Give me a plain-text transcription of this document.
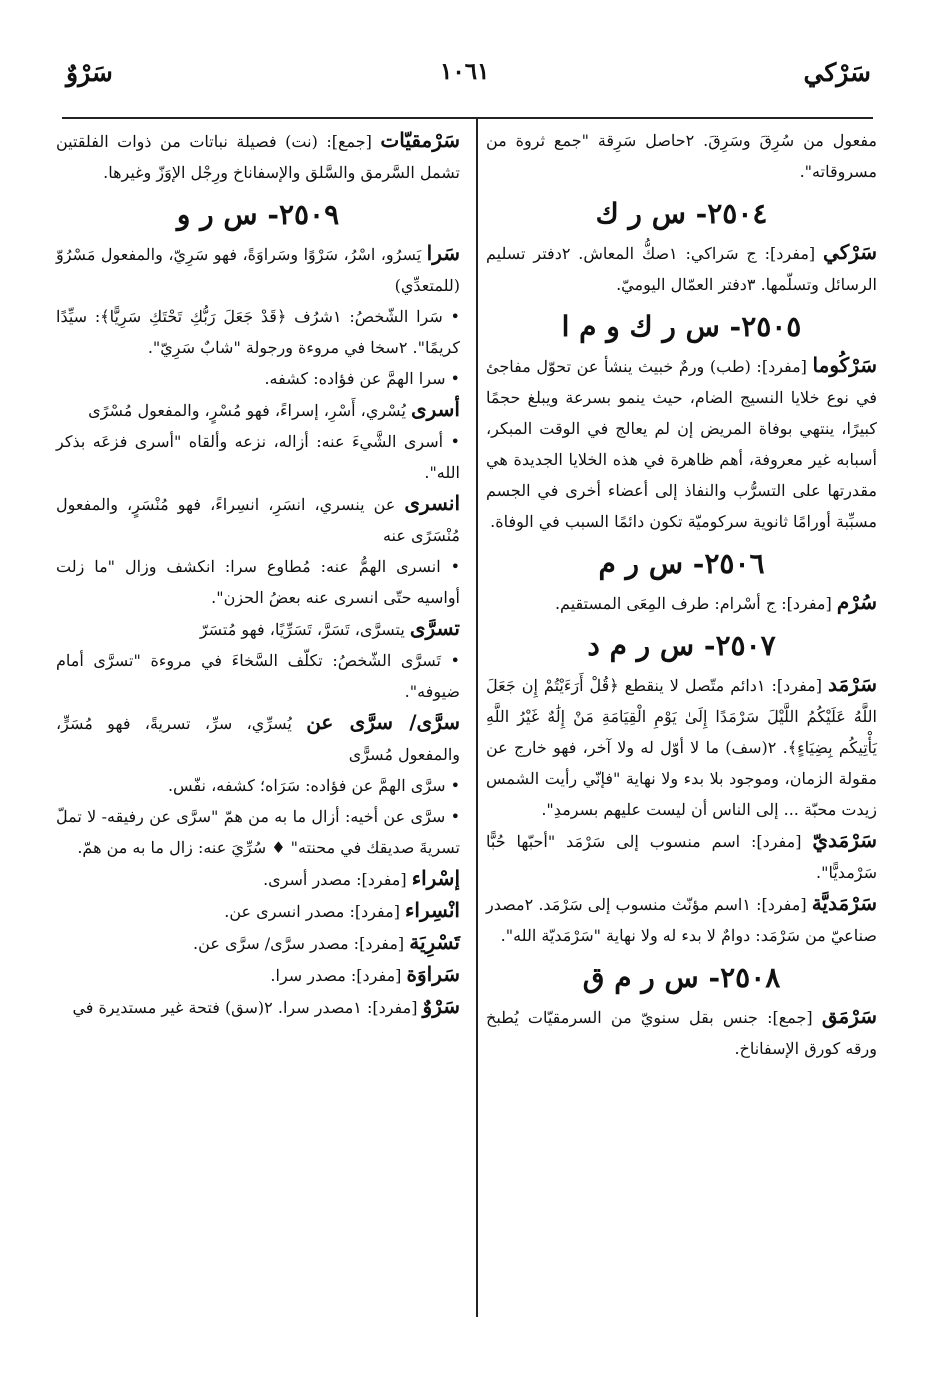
سَرْكي
١٠٦١
سَرْوٌ

مفعول من سُرِقَ وسَرِقَ. ٢حاصل سَرِقة "جمع ثروة من مسروقاته".

٢٥٠٤- س ر ك

سَرْكي [مفرد]: ج سَراكي: ١صكُّ المعاش. ٢دفتر تسليم الرسائل وتسلّمها. ٣دفتر العمّال اليوميّ.

٢٥٠٥- س ر ك و م ا

سَرْكُوما [مفرد]: (طب) ورمٌ خبيث ينشأ عن تحوّل مفاجئ في نوع خلايا النسيج الضام، حيث ينمو بسرعة ويبلغ حجمًا كبيرًا، ينتهي بوفاة المريض إن لم يعالج في الوقت المبكر، أسبابه غير معروفة، أهم ظاهرة في هذه الخلايا الجديدة هي مقدرتها على التسرُّب والنفاذ إلى أعضاء أخرى في الجسم مسبِّبة أورامًا ثانوية سركوميّة تكون دائمًا السبب في الوفاة.

٢٥٠٦- س ر م

سُرْم [مفرد]: ج أسْرام: طرف المِعَى المستقيم.

٢٥٠٧- س ر م د

سَرْمَد [مفرد]: ١دائم متّصل لا ينقطع ﴿قُلْ أَرَءَيْتُمْ إِن جَعَلَ اللَّهُ عَلَيْكُمُ اللَّيْلَ سَرْمَدًا إِلَىٰ يَوْمِ الْقِيَامَةِ مَنْ إِلَٰهٌ غَيْرُ اللَّهِ يَأْتِيكُم بِضِيَاءٍ﴾. ٢(سف) ما لا أوّل له ولا آخر، فهو خارج عن مقولة الزمان، وموجود بلا بدء ولا نهاية "فإنّي رأيت الشمس زيدت محبّة ... إلى الناس أن ليست عليهم بسرمدِ".

سَرْمَديّ [مفرد]: اسم منسوب إلى سَرْمَد "أحبّها حُبًّا سَرْمديًّا".

سَرْمَديَّة [مفرد]: ١اسم مؤنّث منسوب إلى سَرْمَد. ٢مصدر صناعيّ من سَرْمَد: دوامٌ لا بدء له ولا نهاية "سَرْمَديّة الله".

٢٥٠٨- س ر م ق

سَرْمَق [جمع]: جنس بقل سنويّ من السرمقيّات يُطبخ ورقه كورق الإسفاناخ.

سَرْمقيّات [جمع]: (نت) فصيلة نباتات من ذوات الفلقتين تشمل السَّرمق والسَّلق والإسفاناخ ورِجْل الإوَزّ وغيرها.

٢٥٠٩- س ر و

سَرا يَسرُو، اسْرُ، سَرْوًا وسَراوَةً، فهو سَرِيّ، والمفعول مَسْرُوّ (للمتعدِّي)

• سَرا الشّخصُ: ١شرُف ﴿قَدْ جَعَلَ رَبُّكِ تَحْتَكِ سَرِيًّا﴾: سيِّدًا كريمًا". ٢سخا في مروءة ورجولة "شابٌ سَرِيّ".

• سرا الهمَّ عن فؤاده: كشفه.

أسرى يُسْري، أَسْرِ، إسراءً، فهو مُسْرٍ، والمفعول مُسْرًى

• أسرى الشَّيءَ عنه: أزاله، نزعه وألقاه "أسرى فزعَه بذكر الله".

انسرى عن ينسري، انسَرِ، انسِراءً، فهو مُنْسَرٍ، والمفعول مُنْسَرًى عنه

• انسرى الهمُّ عنه: مُطاوع سرا: انكشف وزال "ما زلت أواسيه حتّى انسرى عنه بعضُ الحزن".

تسرَّى يتسرَّى، تَسَرَّ، تَسَرِّيًا، فهو مُتسَرّ

• تَسرَّى الشّخصُ: تكلّف السَّخاءَ في مروءة "تسرَّى أمام ضيوفه".

سرَّى/ سرَّى عن يُسرِّي، سرِّ، تسريةً، فهو مُسَرٍّ، والمفعول مُسرًّى

• سرَّى الهمَّ عن فؤاده: سَرَاه؛ كشفه، نفّس.

• سرَّى عن أخيه: أزال ما به من همّ "سرَّى عن رفيقه- لا تملّ تسريةَ صديقك في محنته" ♦ سُرِّيَ عنه: زال ما به من همّ.

إسْراء [مفرد]: مصدر أسرى.

انْسِراء [مفرد]: مصدر انسرى عن.

تَسْرِيَة [مفرد]: مصدر سرَّى/ سرَّى عن.

سَراوَة [مفرد]: مصدر سرا.

سَرْوٌ [مفرد]: ١مصدر سرا. ٢(سق) فتحة غير مستديرة في
